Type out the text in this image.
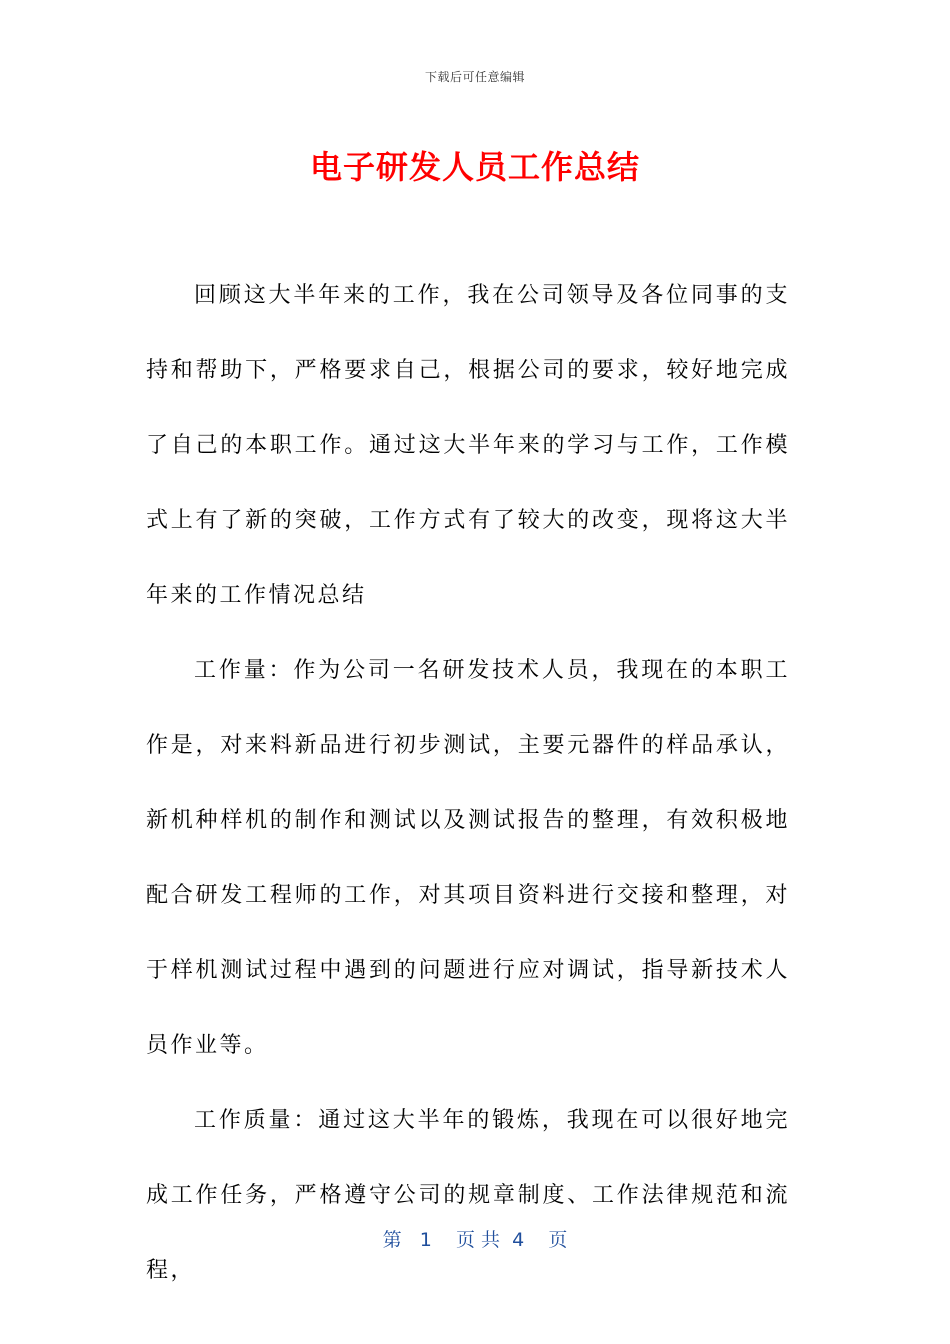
下载后可任意编辑
电子研发人员工作总结

回顾这大半年来的工作，我在公司领导及各位同事的支持和帮助下，严格要求自己，根据公司的要求，较好地完成了自己的本职工作。通过这大半年来的学习与工作，工作模式上有了新的突破，工作方式有了较大的改变，现将这大半年来的工作情况总结

工作量：作为公司一名研发技术人员，我现在的本职工作是，对来料新品进行初步测试，主要元器件的样品承认，新机种样机的制作和测试以及测试报告的整理，有效积极地配合研发工程师的工作，对其项目资料进行交接和整理，对于样机测试过程中遇到的问题进行应对调试，指导新技术人员作业等。

工作质量：通过这大半年的锻炼，我现在可以很好地完成工作任务，严格遵守公司的规章制度、工作法律规范和流程，

第   1    页 共  4    页
